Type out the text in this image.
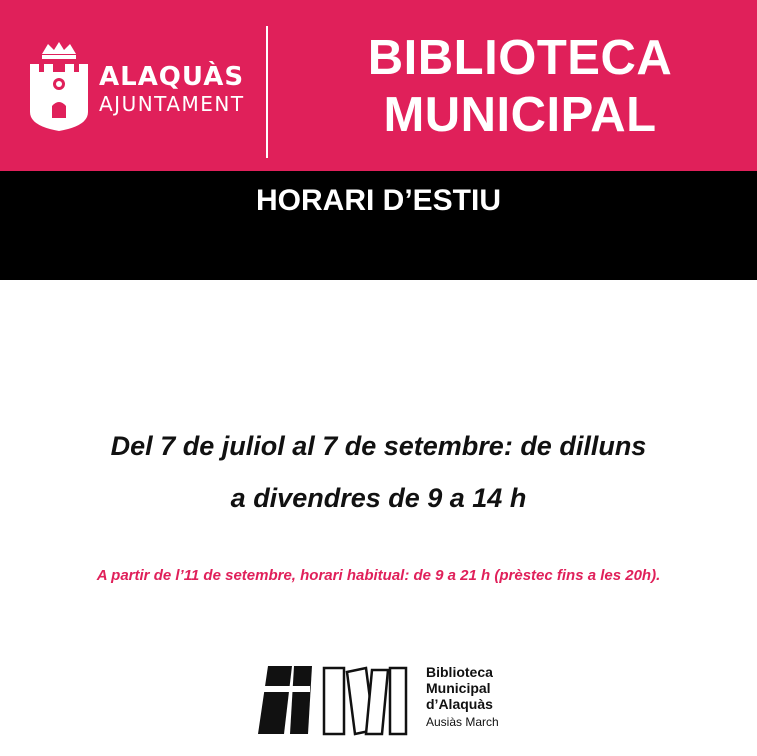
ALAQUÀS
AJUNTAMENT
BIBLIOTECA
MUNICIPAL
HORARI D’ESTIU
Del 7 de juliol al 7 de setembre: de dilluns
a divendres de 9 a 14 h
A partir de l’11 de setembre, horari habitual: de 9 a 21 h (prèstec fins a les 20h).
Biblioteca
Municipal
d’Alaquàs
Ausiàs March
